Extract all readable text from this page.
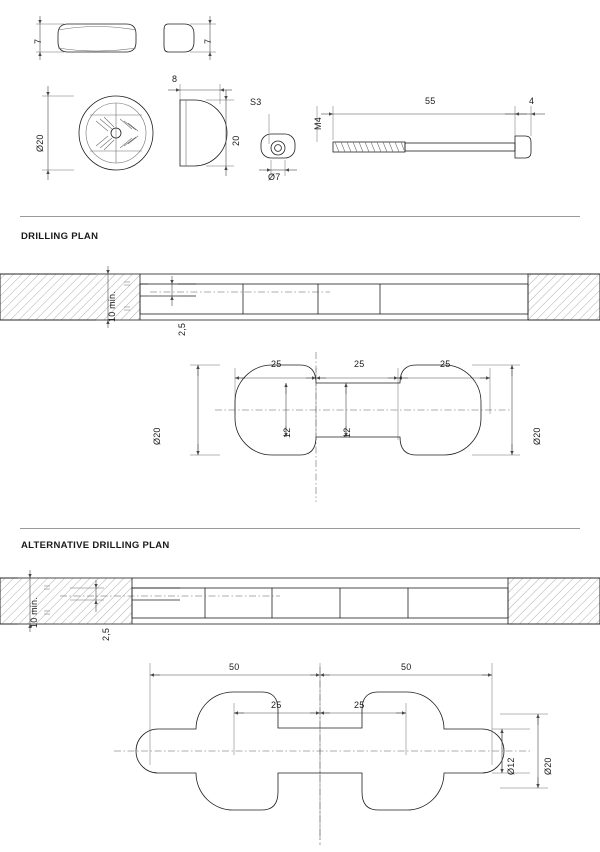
7	7
Ø20
8
20
S3
M4
Ø7
55	4
DRILLING PLAN
10 min.
2,5
25	25	25
Ø20	Ø20
12	12
ALTERNATIVE DRILLING PLAN
10 min.
2,5
50	50
25	25
Ø12	Ø20
